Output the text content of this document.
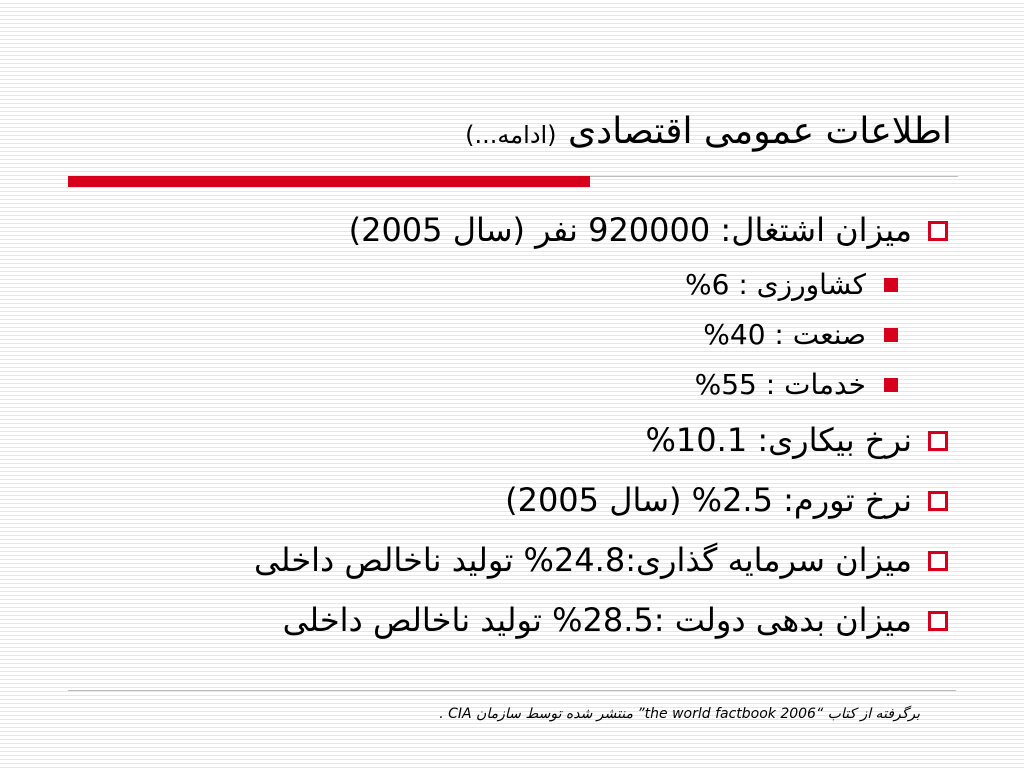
اطلاعات عمومی اقتصادی (ادامه...)
میزان اشتغال: 920000 نفر (سال 2005)
کشاورزی : 6%
صنعت : 40%
خدمات : 55%
نرخ بیکاری: 10.1%
نرخ تورم: 2.5% (سال 2005)
میزان سرمایه گذاری:24.8% تولید ناخالص داخلی
میزان بدهی دولت :28.5% تولید ناخالص داخلی
برگرفته از کتاب “the world factbook 2006” منتشر شده توسط سازمان CIA .
